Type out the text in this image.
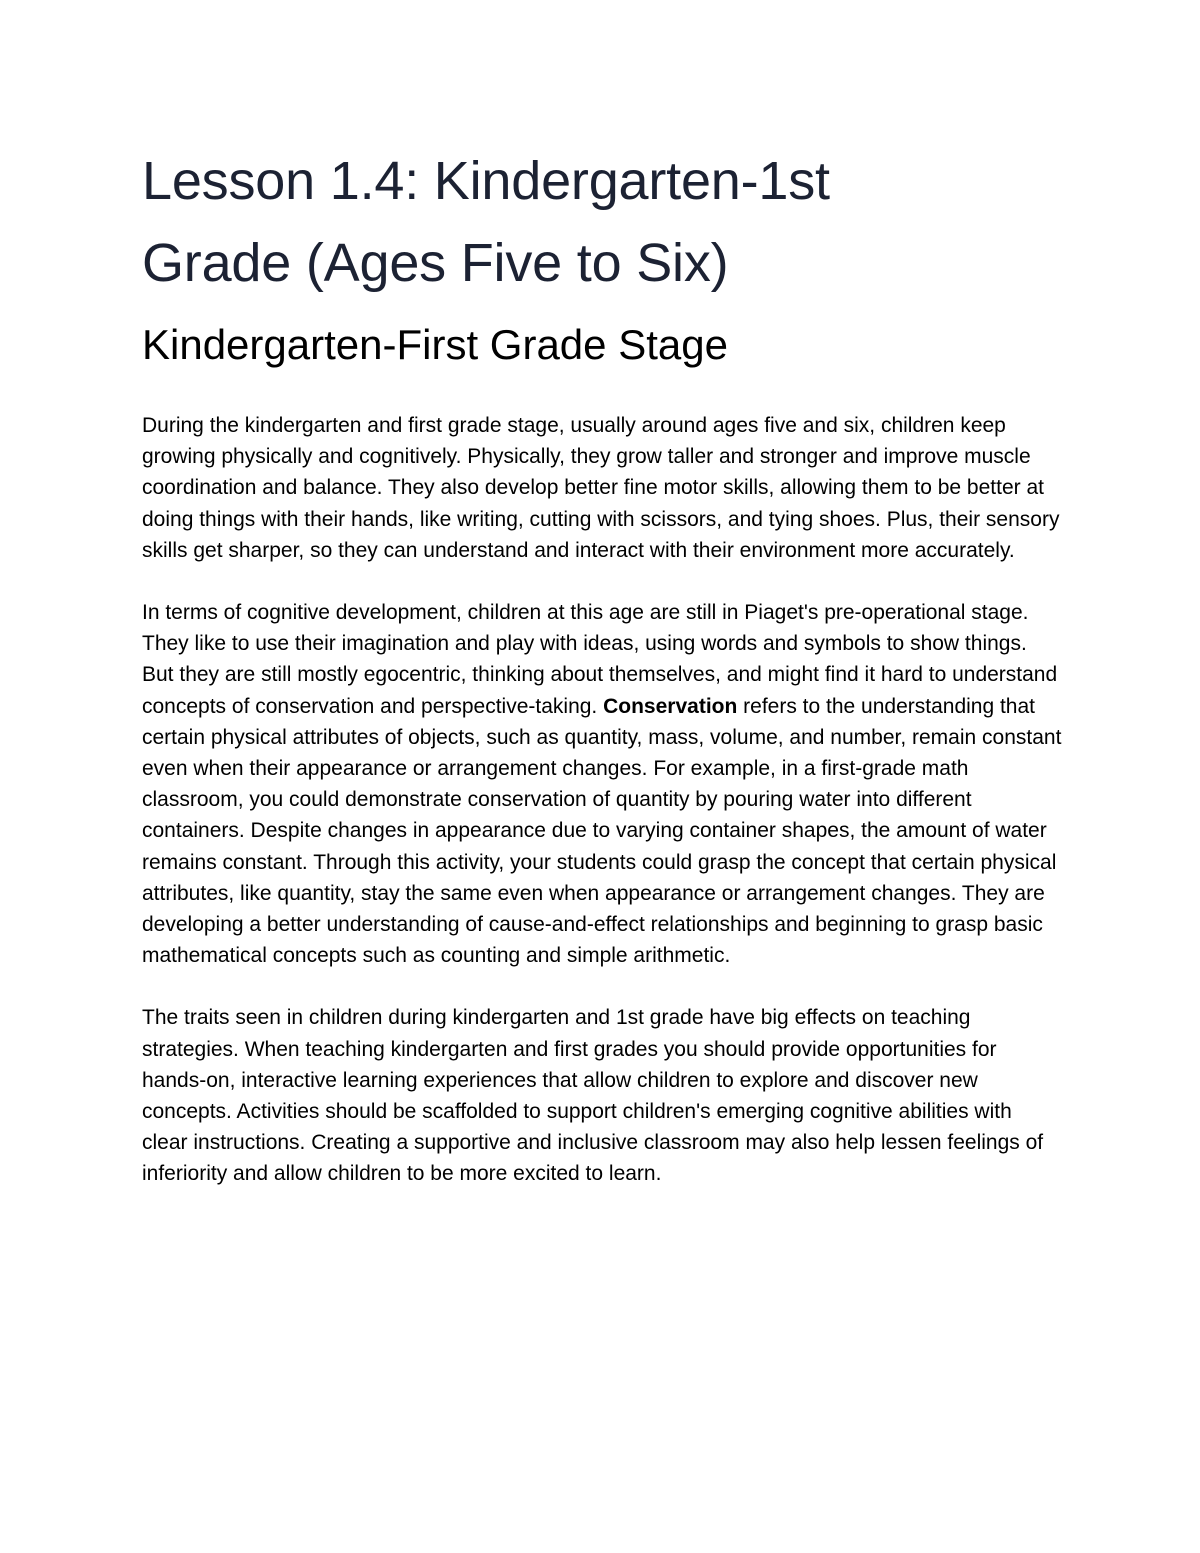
Lesson 1.4: Kindergarten-1st
Grade (Ages Five to Six)
Kindergarten-First Grade Stage

During the kindergarten and first grade stage, usually around ages five and six, children keep growing physically and cognitively. Physically, they grow taller and stronger and improve muscle coordination and balance. They also develop better fine motor skills, allowing them to be better at doing things with their hands, like writing, cutting with scissors, and tying shoes. Plus, their sensory skills get sharper, so they can understand and interact with their environment more accurately.

In terms of cognitive development, children at this age are still in Piaget's pre-operational stage. They like to use their imagination and play with ideas, using words and symbols to show things. But they are still mostly egocentric, thinking about themselves, and might find it hard to understand concepts of conservation and perspective-taking. Conservation refers to the understanding that certain physical attributes of objects, such as quantity, mass, volume, and number, remain constant even when their appearance or arrangement changes. For example, in a first-grade math classroom, you could demonstrate conservation of quantity by pouring water into different containers. Despite changes in appearance due to varying container shapes, the amount of water remains constant. Through this activity, your students could grasp the concept that certain physical attributes, like quantity, stay the same even when appearance or arrangement changes. They are developing a better understanding of cause-and-effect relationships and beginning to grasp basic mathematical concepts such as counting and simple arithmetic.

The traits seen in children during kindergarten and 1st grade have big effects on teaching strategies. When teaching kindergarten and first grades you should provide opportunities for hands-on, interactive learning experiences that allow children to explore and discover new concepts. Activities should be scaffolded to support children's emerging cognitive abilities with clear instructions. Creating a supportive and inclusive classroom may also help lessen feelings of inferiority and allow children to be more excited to learn.
